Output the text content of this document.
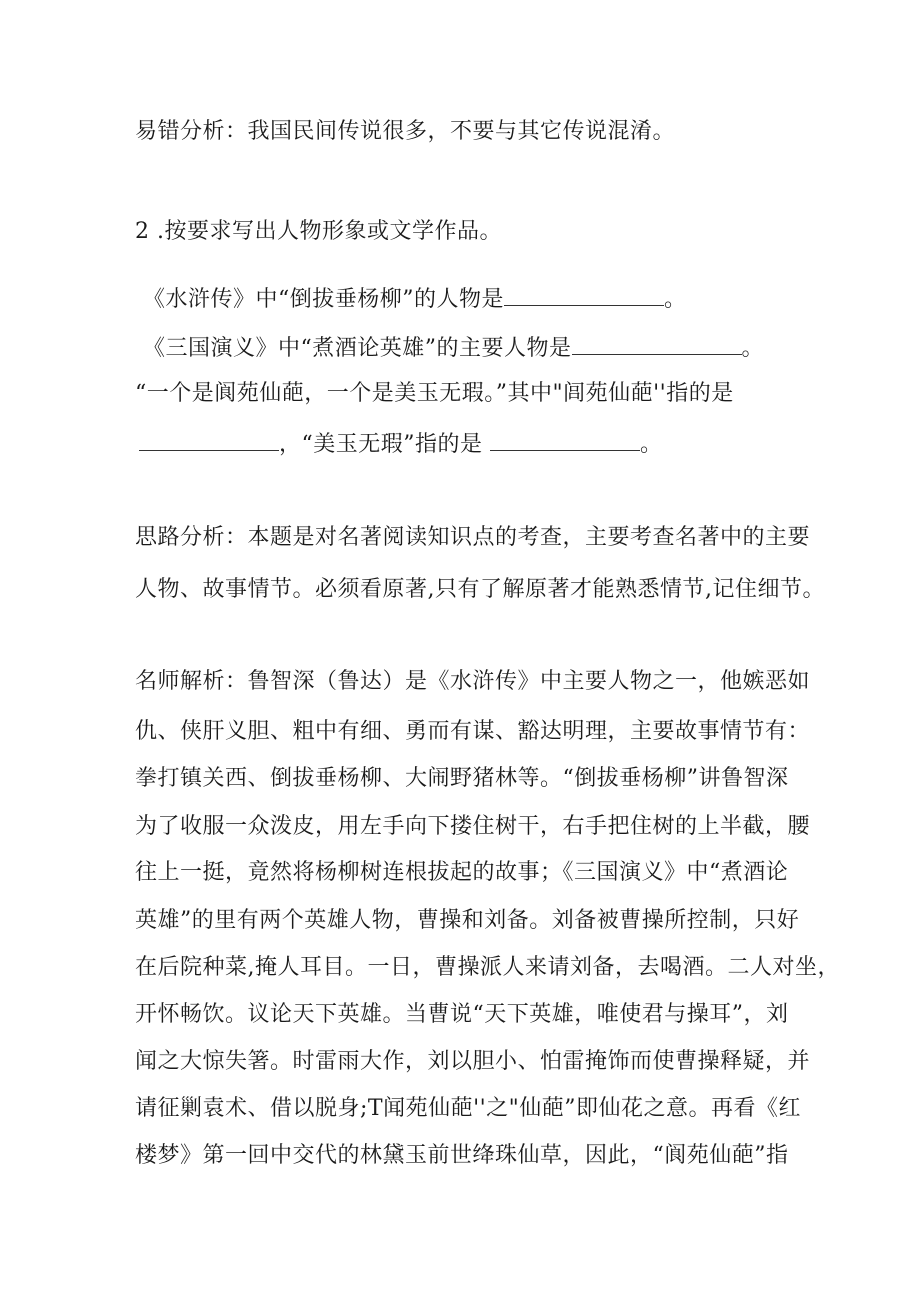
易错分析：我国民间传说很多，不要与其它传说混淆。
2 .按要求写出人物形象或文学作品。
《水浒传》中“倒拔垂杨柳”的人物是	。
《三国演义》中“煮酒论英雄”的主要人物是	。
“一个是阆苑仙葩，一个是美玉无瑕。”其中"闾苑仙葩''指的是
，“美玉无瑕”指的是	。
思路分析：本题是对名著阅读知识点的考查，主要考查名著中的主要
人物、故事情节。必须看原著,只有了解原著才能熟悉情节,记住细节。
名师解析：鲁智深（鲁达）是《水浒传》中主要人物之一，他嫉恶如
仇、侠肝义胆、粗中有细、勇而有谋、豁达明理，主要故事情节有：
拳打镇关西、倒拔垂杨柳、大闹野猪林等。“倒拔垂杨柳”讲鲁智深
为了收服一众泼皮，用左手向下搂住树干，右手把住树的上半截，腰
往上一挺，竟然将杨柳树连根拔起的故事；《三国演义》中“煮酒论
英雄”的里有两个英雄人物，曹操和刘备。刘备被曹操所控制，只好
在后院种菜,掩人耳目。一日，曹操派人来请刘备，去喝酒。二人对坐，
开怀畅饮。议论天下英雄。当曹说“天下英雄，唯使君与操耳”，刘
闻之大惊失箸。时雷雨大作，刘以胆小、怕雷掩饰而使曹操释疑，并
请征剿袁术、借以脱身;T闻苑仙葩''之"仙葩”即仙花之意。再看《红
楼梦》第一回中交代的林黛玉前世绛珠仙草，因此，“阆苑仙葩”指
